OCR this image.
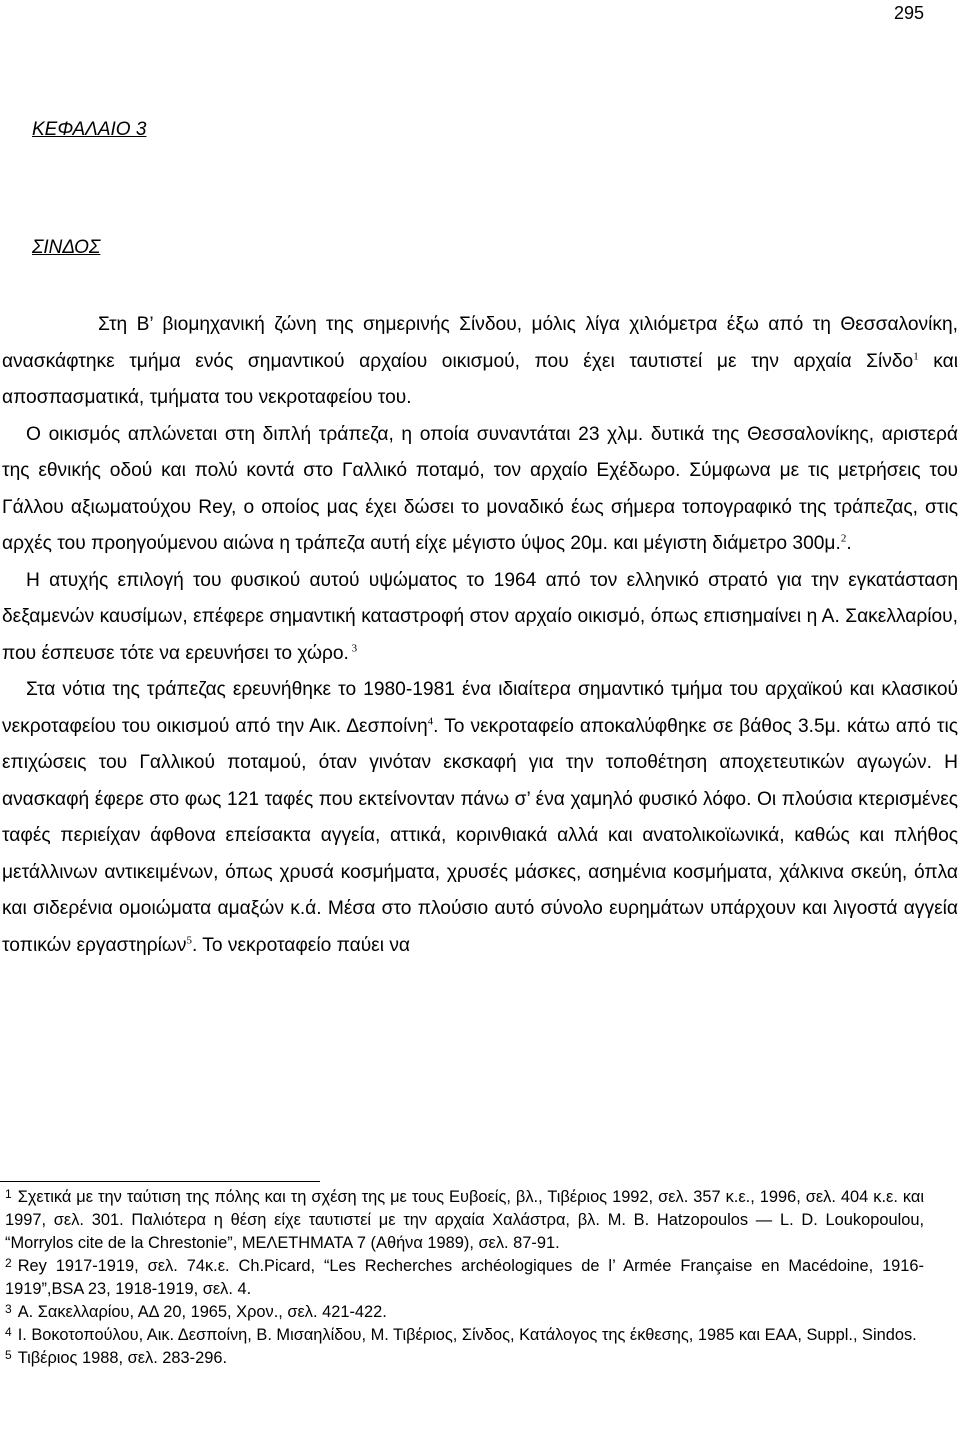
295
ΚΕΦΑΛΑΙΟ 3
ΣΙΝΔΟΣ

Στη Β’ βιομηχανική ζώνη της σημερινής Σίνδου, μόλις λίγα χιλιόμετρα έξω από τη Θεσσαλονίκη, ανασκάφτηκε τμήμα ενός σημαντικού αρχαίου οικισμού, που έχει ταυτιστεί με την αρχαία Σίνδο$^1$ και αποσπασματικά, τμήματα του νεκροταφείου του.

Ο οικισμός απλώνεται στη διπλή τράπεζα, η οποία συναντάται 23 χλμ. δυτικά της Θεσσαλονίκης, αριστερά της εθνικής οδού και πολύ κοντά στο Γαλλικό ποταμό, τον αρχαίο Εχέδωρο. Σύμφωνα με τις μετρήσεις του Γάλλου αξιωματούχου Rey, ο οποίος μας έχει δώσει το μοναδικό έως σήμερα τοπογραφικό της τράπεζας, στις αρχές του προηγούμενου αιώνα η τράπεζα αυτή είχε μέγιστο ύψος 20μ. και μέγιστη διάμετρο 300μ.$^2$.

Η ατυχής επιλογή του φυσικού αυτού υψώματος το 1964 από τον ελληνικό στρατό για την εγκατάσταση δεξαμενών καυσίμων, επέφερε σημαντική καταστροφή στον αρχαίο οικισμό, όπως επισημαίνει η Α. Σακελλαρίου, που έσπευσε τότε να ερευνήσει το χώρο. $^3$

Στα νότια της τράπεζας ερευνήθηκε το 1980-1981 ένα ιδιαίτερα σημαντικό τμήμα του αρχαϊκού και κλασικού νεκροταφείου του οικισμού από την Αικ. Δεσποίνη$^4$. Το νεκροταφείο αποκαλύφθηκε σε βάθος 3.5μ. κάτω από τις επιχώσεις του Γαλλικού ποταμού, όταν γινόταν εκσκαφή για την τοποθέτηση αποχετευτικών αγωγών. Η ανασκαφή έφερε στο φως 121 ταφές που εκτείνονταν πάνω σ’ ένα χαμηλό φυσικό λόφο. Οι πλούσια κτερισμένες ταφές περιείχαν άφθονα επείσακτα αγγεία, αττικά, κορινθιακά αλλά και ανατολικοϊωνικά, καθώς και πλήθος μετάλλινων αντικειμένων, όπως χρυσά κοσμήματα, χρυσές μάσκες, ασημένια κοσμήματα, χάλκινα σκεύη, όπλα και σιδερένια ομοιώματα αμαξών κ.ά. Μέσα στο πλούσιο αυτό σύνολο ευρημάτων υπάρχουν και λιγοστά αγγεία τοπικών εργαστηρίων$^5$. Το νεκροταφείο παύει να

$^1$ Σχετικά με την ταύτιση της πόλης και τη σχέση της με τους Ευβοείς, βλ., Τιβέριος 1992, σελ. 357 κ.ε., 1996, σελ. 404 κ.ε. και 1997, σελ. 301. Παλιότερα η θέση είχε ταυτιστεί με την αρχαία Χαλάστρα, βλ. Μ. Β. Hatzopoulos — L. D. Loukopoulou, “Morrylos cite de la Chrestonie”, ΜΕΛΕΤΗΜΑΤΑ 7 (Αθήνα 1989), σελ. 87-91.

$^2$ Rey 1917-1919, σελ. 74κ.ε. Ch.Picard, “Les Recherches archéologiques de l’ Armée Française en Macédoine, 1916-1919”,BSA 23, 1918-1919, σελ. 4.

$^3$ Α. Σακελλαρίου, ΑΔ 20, 1965, Χρον., σελ. 421-422.

$^4$ Ι. Βοκοτοπούλου, Αικ. Δεσποίνη, Β. Μισαηλίδου, Μ. Τιβέριος, Σίνδος, Κατάλογος της έκθεσης, 1985 και ΕΑΑ, Suppl., Sindos.

$^5$ Τιβέριος 1988, σελ. 283-296.
